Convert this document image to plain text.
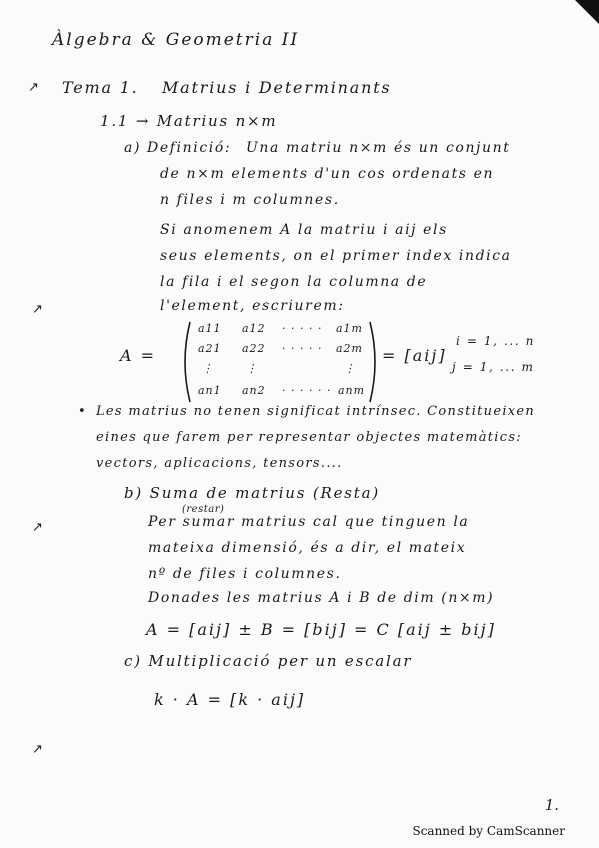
Àlgebra & Geometria II
↗ Tema 1. Matrius i Determinants
1.1 → Matrius n×m
a) Definició: Una matriu n×m és un conjunt
de n×m elements d'un cos ordenats en
n files i m columnes.
Si anomenem A la matriu i aij els
seus elements, on el primer index indica
la fila i el segon la columna de
l'element, escriurem:
↗
A =
a11 a12 · · · · · a1m
a21 a22 · · · · · a2m
⋮	⋮	⋮
an1 an2 · · · · · · anm
= [aij]
i = 1, ... n
j = 1, ... m
• Les matrius no tenen significat intrínsec. Constitueixen
eines que farem per representar objectes matemàtics:
vectors, aplicacions, tensors....
b) Suma de matrius (Resta)
(restar)
↗	Per sumar matrius cal que tinguen la
mateixa dimensió, és a dir, el mateix
nº de files i columnes.
Donades les matrius A i B de dim (n×m)
A = [aij] ± B = [bij] = C [aij ± bij]
c) Multiplicació per un escalar
k · A = [k · aij]
↗
1.
Scanned by CamScanner
